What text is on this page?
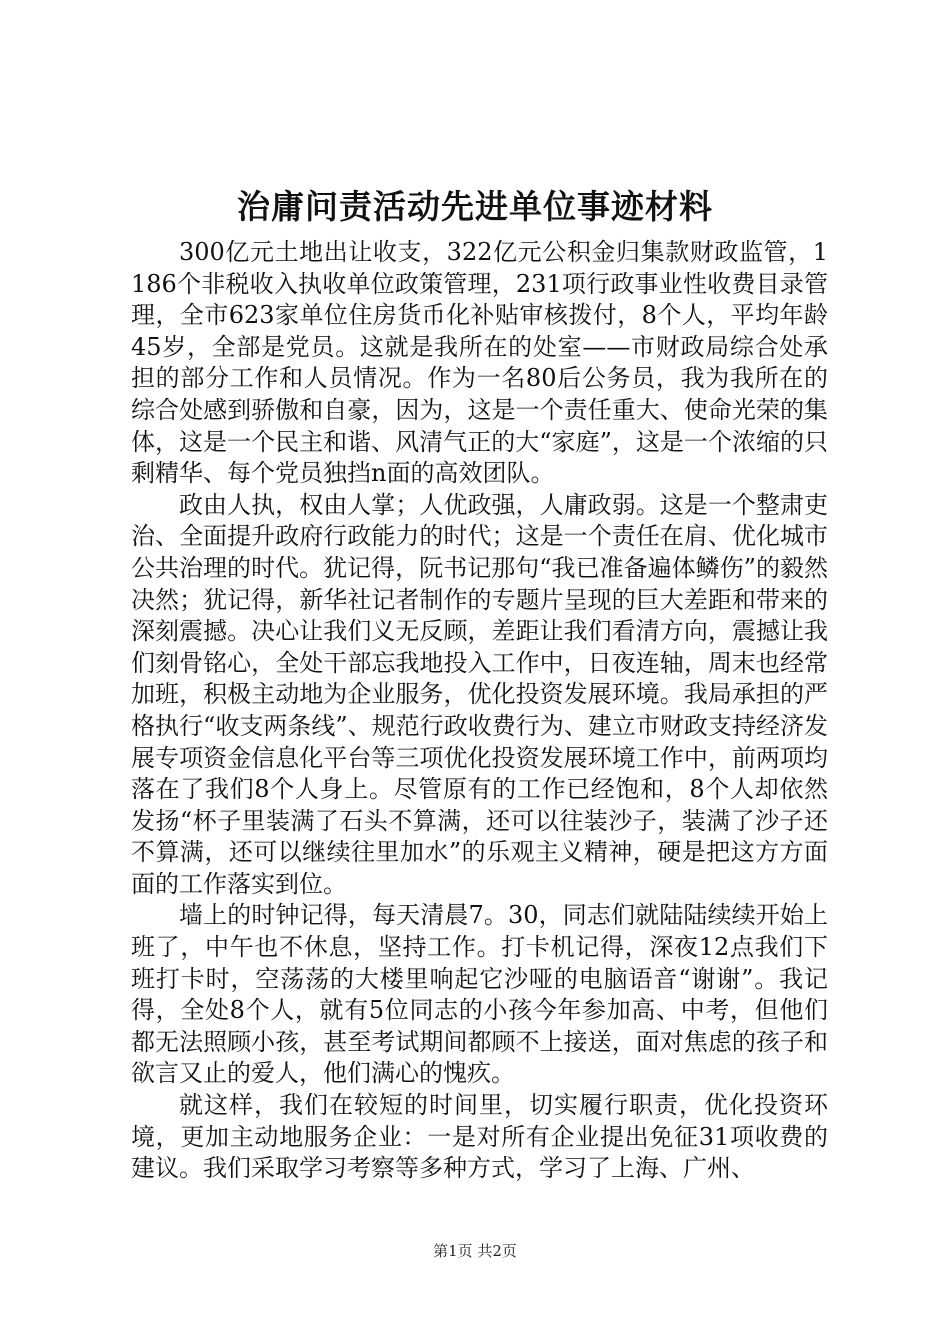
治庸问责活动先进单位事迹材料

300亿元土地出让收支，322亿元公积金归集款财政监管，1186个非税收入执收单位政策管理，231项行政事业性收费目录管理，全市623家单位住房货币化补贴审核拨付，8个人，平均年龄45岁，全部是党员。这就是我所在的处室——市财政局综合处承担的部分工作和人员情况。作为一名80后公务员，我为我所在的综合处感到骄傲和自豪，因为，这是一个责任重大、使命光荣的集体，这是一个民主和谐、风清气正的大“家庭”，这是一个浓缩的只剩精华、每个党员独挡n面的高效团队。

政由人执，权由人掌；人优政强，人庸政弱。这是一个整肃吏治、全面提升政府行政能力的时代；这是一个责任在肩、优化城市公共治理的时代。犹记得，阮书记那句“我已准备遍体鳞伤”的毅然决然；犹记得，新华社记者制作的专题片呈现的巨大差距和带来的深刻震撼。决心让我们义无反顾，差距让我们看清方向，震撼让我们刻骨铭心，全处干部忘我地投入工作中，日夜连轴，周末也经常加班，积极主动地为企业服务，优化投资发展环境。我局承担的严格执行“收支两条线”、规范行政收费行为、建立市财政支持经济发展专项资金信息化平台等三项优化投资发展环境工作中，前两项均落在了我们8个人身上。尽管原有的工作已经饱和，8个人却依然发扬“杯子里装满了石头不算满，还可以往装沙子，装满了沙子还不算满，还可以继续往里加水”的乐观主义精神，硬是把这方方面面的工作落实到位。

墙上的时钟记得，每天清晨7。30，同志们就陆陆续续开始上班了，中午也不休息，坚持工作。打卡机记得，深夜12点我们下班打卡时，空荡荡的大楼里响起它沙哑的电脑语音“谢谢”。我记得，全处8个人，就有5位同志的小孩今年参加高、中考，但他们都无法照顾小孩，甚至考试期间都顾不上接送，面对焦虑的孩子和欲言又止的爱人，他们满心的愧疚。

就这样，我们在较短的时间里，切实履行职责，优化投资环境，更加主动地服务企业：一是对所有企业提出免征31项收费的建议。我们采取学习考察等多种方式，学习了上海、广州、

第1页 共2页
